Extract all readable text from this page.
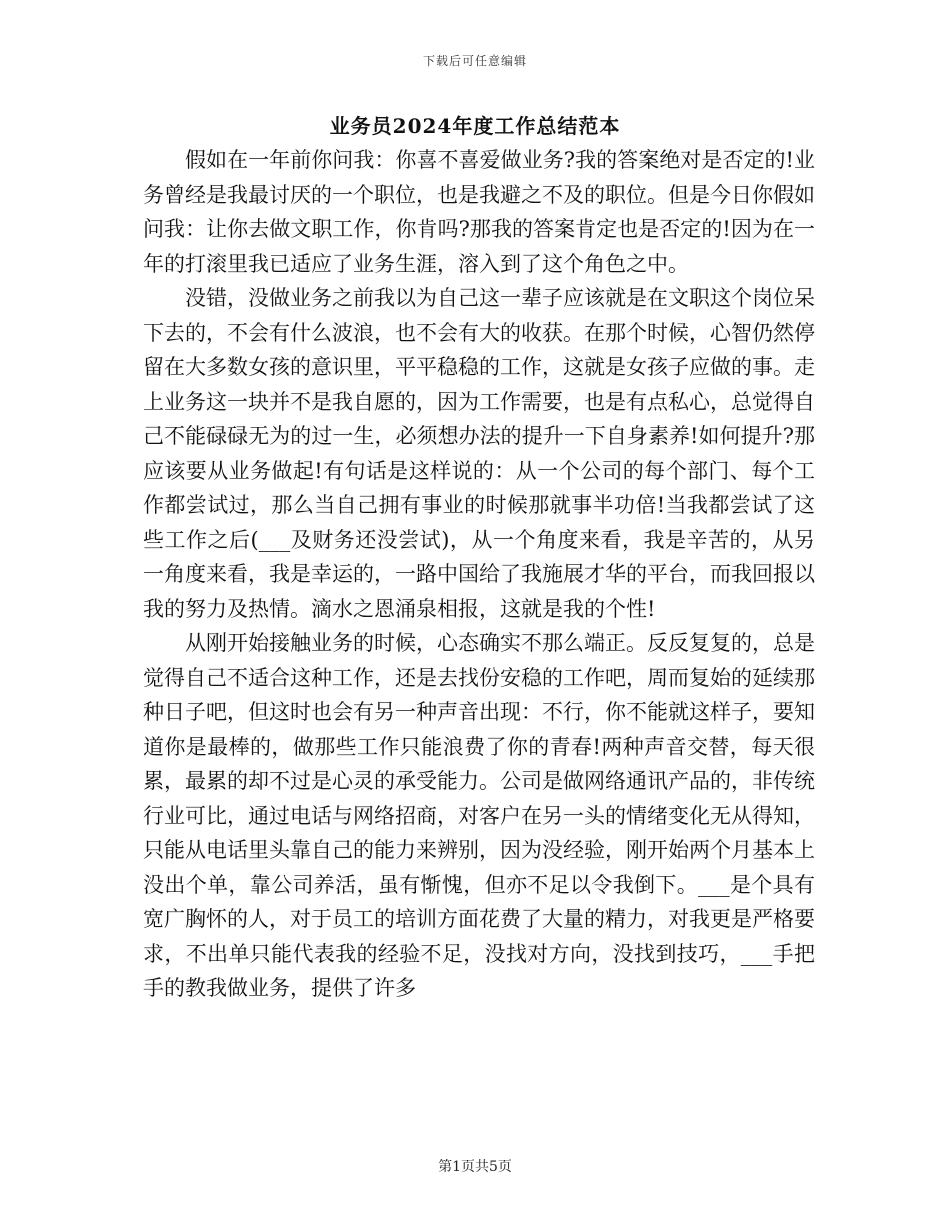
下载后可任意编辑
业务员2024年度工作总结范本

假如在一年前你问我：你喜不喜爱做业务?我的答案绝对是否定的!业务曾经是我最讨厌的一个职位，也是我避之不及的职位。但是今日你假如问我：让你去做文职工作，你肯吗?那我的答案肯定也是否定的!因为在一年的打滚里我已适应了业务生涯，溶入到了这个角色之中。

没错，没做业务之前我以为自己这一辈子应该就是在文职这个岗位呆下去的，不会有什么波浪，也不会有大的收获。在那个时候，心智仍然停留在大多数女孩的意识里，平平稳稳的工作，这就是女孩子应做的事。走上业务这一块并不是我自愿的，因为工作需要，也是有点私心，总觉得自己不能碌碌无为的过一生，必须想办法的提升一下自身素养!如何提升?那应该要从业务做起!有句话是这样说的：从一个公司的每个部门、每个工作都尝试过，那么当自己拥有事业的时候那就事半功倍!当我都尝试了这些工作之后(___及财务还没尝试)，从一个角度来看，我是辛苦的，从另一角度来看，我是幸运的，一路中国给了我施展才华的平台，而我回报以我的努力及热情。滴水之恩涌泉相报，这就是我的个性!

从刚开始接触业务的时候，心态确实不那么端正。反反复复的，总是觉得自己不适合这种工作，还是去找份安稳的工作吧，周而复始的延续那种日子吧，但这时也会有另一种声音出现：不行，你不能就这样子，要知道你是最棒的，做那些工作只能浪费了你的青春!两种声音交替，每天很累，最累的却不过是心灵的承受能力。公司是做网络通讯产品的，非传统行业可比，通过电话与网络招商，对客户在另一头的情绪变化无从得知，只能从电话里头靠自己的能力来辨别，因为没经验，刚开始两个月基本上没出个单，靠公司养活，虽有惭愧，但亦不足以令我倒下。___是个具有宽广胸怀的人，对于员工的培训方面花费了大量的精力，对我更是严格要求，不出单只能代表我的经验不足，没找对方向，没找到技巧，___手把手的教我做业务，提供了许多

第1页共5页
